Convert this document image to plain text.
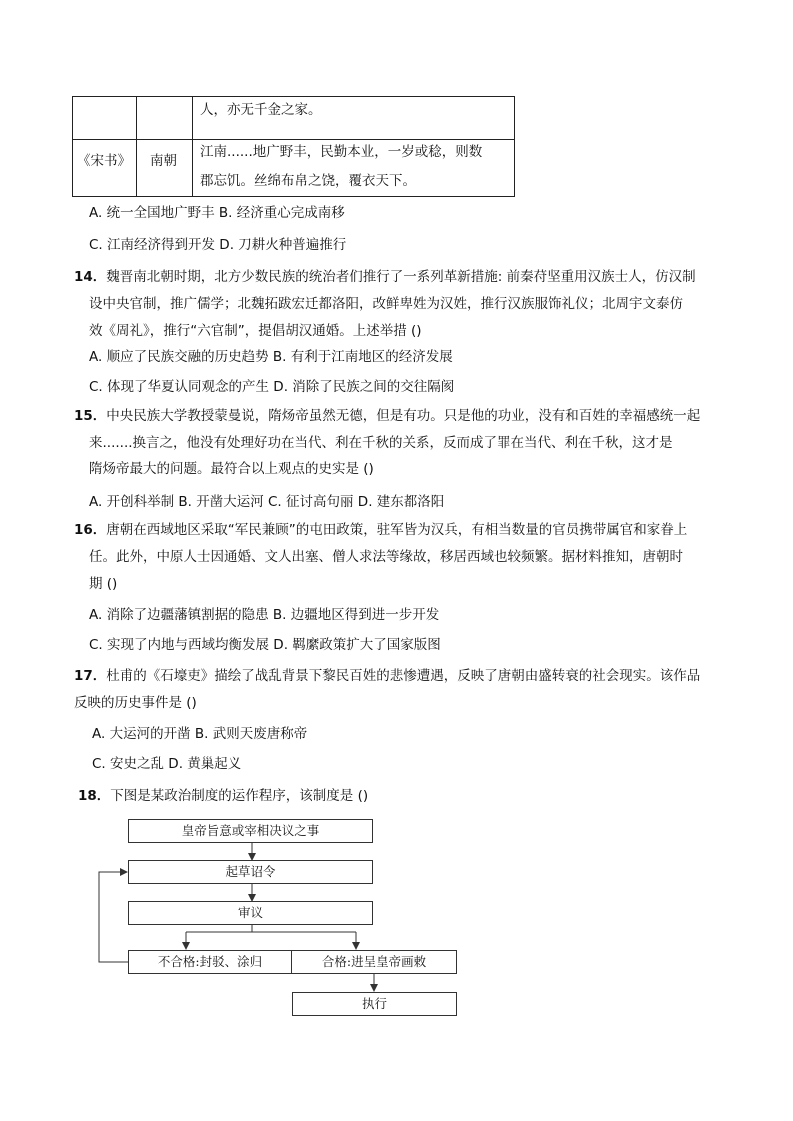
人，亦无千金之家。
《宋书》 南朝
江南......地广野丰，民勤本业，一岁或稔，则数
郡忘饥。丝绵布帛之饶，覆衣天下。
A. 统一全国地广野丰 B. 经济重心完成南移
C. 江南经济得到开发 D. 刀耕火种普遍推行
14．魏晋南北朝时期，北方少数民族的统治者们推行了一系列革新措施: 前秦苻坚重用汉族士人，仿汉制
设中央官制，推广儒学；北魏拓跋宏迁都洛阳，改鲜卑姓为汉姓，推行汉族服饰礼仪；北周宇文泰仿
效《周礼》，推行“六官制”，提倡胡汉通婚。上述举措 ()
A. 顺应了民族交融的历史趋势 B. 有利于江南地区的经济发展
C. 体现了华夏认同观念的产生 D. 消除了民族之间的交往隔阂
15．中央民族大学教授蒙曼说，隋炀帝虽然无德，但是有功。只是他的功业，没有和百姓的幸福感统一起
来.......换言之，他没有处理好功在当代、利在千秋的关系，反而成了罪在当代、利在千秋，这才是
隋炀帝最大的问题。最符合以上观点的史实是 ()
A. 开创科举制 B. 开凿大运河 C. 征讨高句丽 D. 建东都洛阳
16．唐朝在西域地区采取“军民兼顾”的屯田政策，驻军皆为汉兵，有相当数量的官员携带属官和家眷上
任。此外，中原人士因通婚、文人出塞、僧人求法等缘故，移居西域也较频繁。据材料推知，唐朝时
期 ()
A. 消除了边疆藩镇割据的隐患 B. 边疆地区得到进一步开发
C. 实现了内地与西域均衡发展 D. 羁縻政策扩大了国家版图
17．杜甫的《石壕吏》描绘了战乱背景下黎民百姓的悲惨遭遇，反映了唐朝由盛转衰的社会现实。该作品
反映的历史事件是 ()
A. 大运河的开凿 B. 武则天废唐称帝
C. 安史之乱 D. 黄巢起义
18．下图是某政治制度的运作程序，该制度是 ()
皇帝旨意或宰相决议之事
起草诏令
审议
不合格:封驳、涂归	合格:进呈皇帝画敕
执行
